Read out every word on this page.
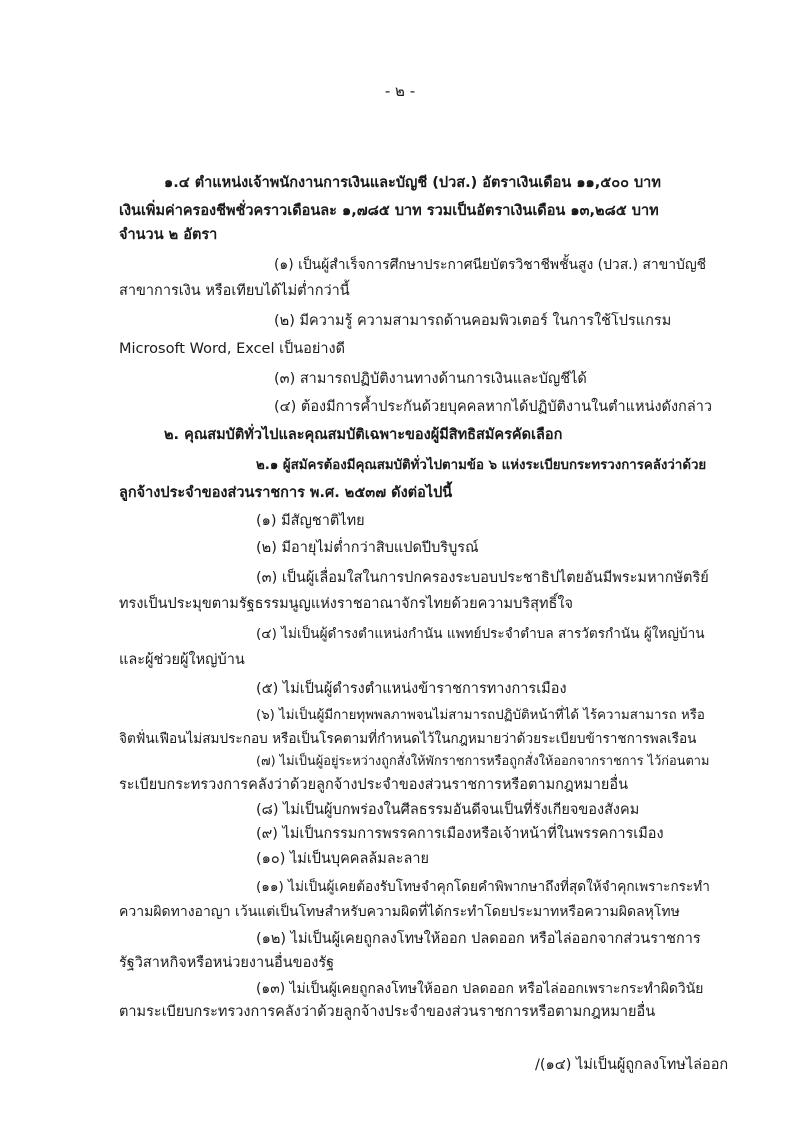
- ๒ -
๑.๔ ตำแหน่งเจ้าพนักงานการเงินและบัญชี (ปวส.) อัตราเงินเดือน ๑๑,๕๐๐ บาท
เงินเพิ่มค่าครองชีพชั่วคราวเดือนละ ๑,๗๘๕ บาท รวมเป็นอัตราเงินเดือน ๑๓,๒๘๕ บาท
จำนวน ๒ อัตรา
(๑) เป็นผู้สำเร็จการศึกษาประกาศนียบัตรวิชาชีพชั้นสูง (ปวส.) สาขาบัญชี
สาขาการเงิน หรือเทียบได้ไม่ต่ำกว่านี้
(๒) มีความรู้ ความสามารถด้านคอมพิวเตอร์ ในการใช้โปรแกรม
Microsoft Word, Excel เป็นอย่างดี
(๓) สามารถปฏิบัติงานทางด้านการเงินและบัญชีได้
(๔) ต้องมีการค้ำประกันด้วยบุคคลหากได้ปฏิบัติงานในตำแหน่งดังกล่าว
๒. คุณสมบัติทั่วไปและคุณสมบัติเฉพาะของผู้มีสิทธิสมัครคัดเลือก
๒.๑ ผู้สมัครต้องมีคุณสมบัติทั่วไปตามข้อ ๖ แห่งระเบียบกระทรวงการคลังว่าด้วย
ลูกจ้างประจำของส่วนราชการ พ.ศ. ๒๕๓๗ ดังต่อไปนี้
(๑) มีสัญชาติไทย
(๒) มีอายุไม่ต่ำกว่าสิบแปดปีบริบูรณ์
(๓) เป็นผู้เลื่อมใสในการปกครองระบอบประชาธิปไตยอันมีพระมหากษัตริย์
ทรงเป็นประมุขตามรัฐธรรมนูญแห่งราชอาณาจักรไทยด้วยความบริสุทธิ์ใจ
(๔) ไม่เป็นผู้ดำรงตำแหน่งกำนัน แพทย์ประจำตำบล สารวัตรกำนัน ผู้ใหญ่บ้าน
และผู้ช่วยผู้ใหญ่บ้าน
(๕) ไม่เป็นผู้ดำรงตำแหน่งข้าราชการทางการเมือง
(๖) ไม่เป็นผู้มีกายทุพพลภาพจนไม่สามารถปฏิบัติหน้าที่ได้ ไร้ความสามารถ หรือ
จิตฟั่นเฟือนไม่สมประกอบ หรือเป็นโรคตามที่กำหนดไว้ในกฎหมายว่าด้วยระเบียบข้าราชการพลเรือน
(๗) ไม่เป็นผู้อยู่ระหว่างถูกสั่งให้พักราชการหรือถูกสั่งให้ออกจากราชการ ไว้ก่อนตาม
ระเบียบกระทรวงการคลังว่าด้วยลูกจ้างประจำของส่วนราชการหรือตามกฎหมายอื่น
(๘) ไม่เป็นผู้บกพร่องในศีลธรรมอันดีจนเป็นที่รังเกียจของสังคม
(๙) ไม่เป็นกรรมการพรรคการเมืองหรือเจ้าหน้าที่ในพรรคการเมือง
(๑๐) ไม่เป็นบุคคลล้มละลาย
(๑๑) ไม่เป็นผู้เคยต้องรับโทษจำคุกโดยคำพิพากษาถึงที่สุดให้จำคุกเพราะกระทำ
ความผิดทางอาญา เว้นแต่เป็นโทษสำหรับความผิดที่ได้กระทำโดยประมาทหรือความผิดลหุโทษ
(๑๒) ไม่เป็นผู้เคยถูกลงโทษให้ออก ปลดออก หรือไล่ออกจากส่วนราชการ
รัฐวิสาหกิจหรือหน่วยงานอื่นของรัฐ
(๑๓) ไม่เป็นผู้เคยถูกลงโทษให้ออก ปลดออก หรือไล่ออกเพราะกระทำผิดวินัย
ตามระเบียบกระทรวงการคลังว่าด้วยลูกจ้างประจำของส่วนราชการหรือตามกฎหมายอื่น
/(๑๔) ไม่เป็นผู้ถูกลงโทษไล่ออก
